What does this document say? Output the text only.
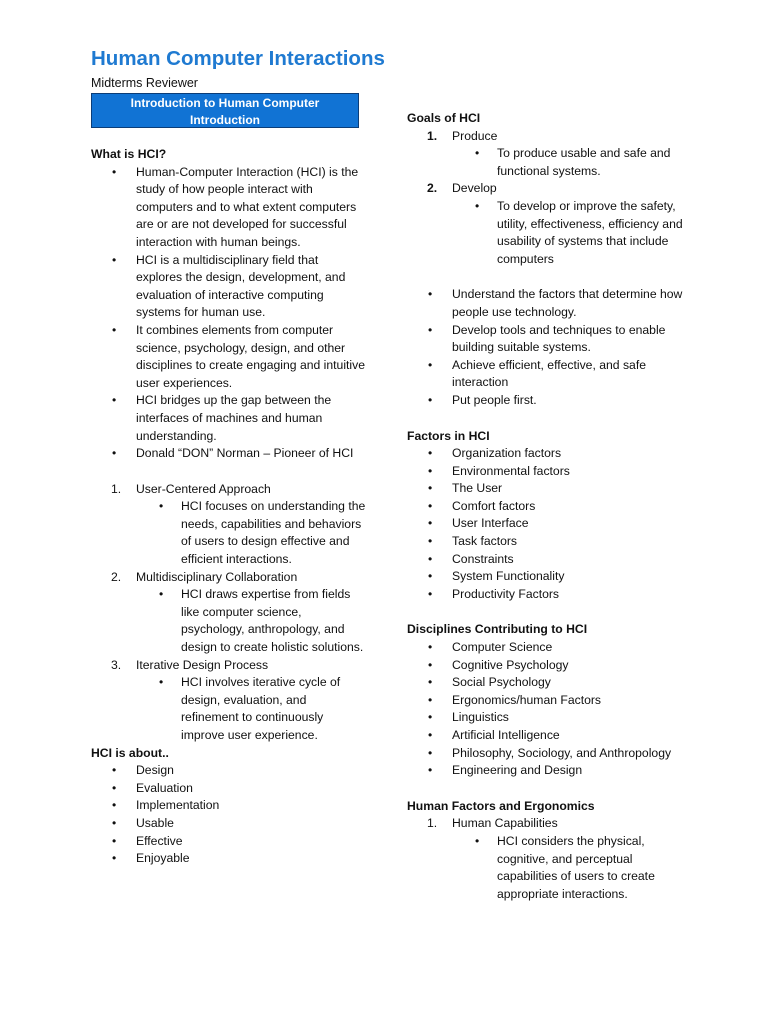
Human Computer Interactions
Midterms Reviewer
Introduction to Human Computer
Introduction
What is HCI?
• Human-Computer Interaction (HCI) is the study of how people interact with computers and to what extent computers are or are not developed for successful interaction with human beings.
• HCI is a multidisciplinary field that explores the design, development, and evaluation of interactive computing systems for human use.
• It combines elements from computer science, psychology, design, and other disciplines to create engaging and intuitive user experiences.
• HCI bridges up the gap between the interfaces of machines and human understanding.
• Donald “DON” Norman – Pioneer of HCI
1. User-Centered Approach
• HCI focuses on understanding the needs, capabilities and behaviors of users to design effective and efficient interactions.
2. Multidisciplinary Collaboration
• HCI draws expertise from fields like computer science, psychology, anthropology, and design to create holistic solutions.
3. Iterative Design Process
• HCI involves iterative cycle of design, evaluation, and refinement to continuously improve user experience.
HCI is about..
• Design
• Evaluation
• Implementation
• Usable
• Effective
• Enjoyable
Goals of HCI
1. Produce
• To produce usable and safe and functional systems.
2. Develop
• To develop or improve the safety, utility, effectiveness, efficiency and usability of systems that include computers
• Understand the factors that determine how people use technology.
• Develop tools and techniques to enable building suitable systems.
• Achieve efficient, effective, and safe interaction
• Put people first.
Factors in HCI
• Organization factors
• Environmental factors
• The User
• Comfort factors
• User Interface
• Task factors
• Constraints
• System Functionality
• Productivity Factors
Disciplines Contributing to HCI
• Computer Science
• Cognitive Psychology
• Social Psychology
• Ergonomics/human Factors
• Linguistics
• Artificial Intelligence
• Philosophy, Sociology, and Anthropology
• Engineering and Design
Human Factors and Ergonomics
1. Human Capabilities
• HCI considers the physical, cognitive, and perceptual capabilities of users to create appropriate interactions.
